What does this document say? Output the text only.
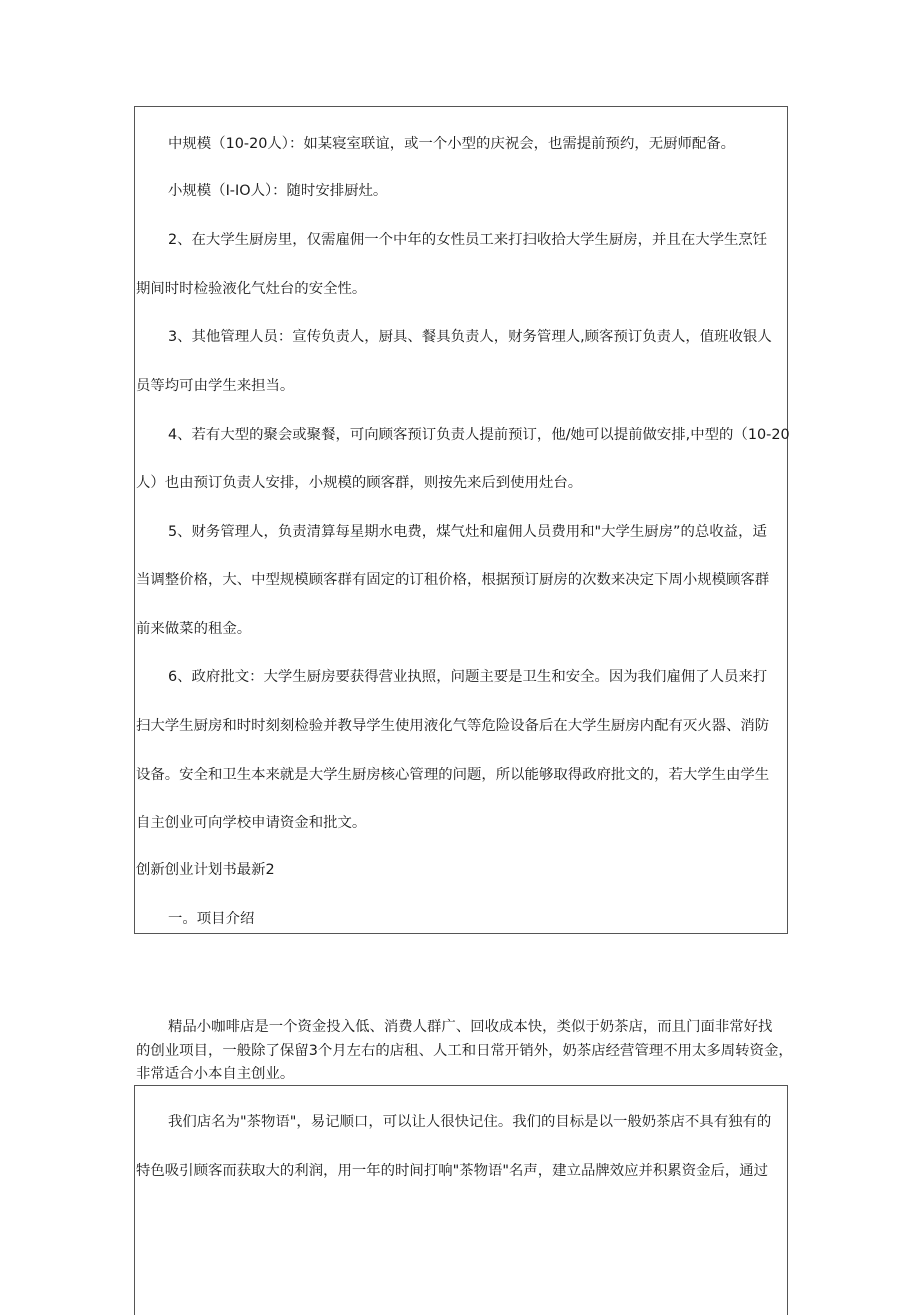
中规模（10-20人）：如某寝室联谊，或一个小型的庆祝会，也需提前预约，无厨师配备。
小规模（I-IO人）：随时安排厨灶。
2、在大学生厨房里，仅需雇佣一个中年的女性员工来打扫收拾大学生厨房，并且在大学生烹饪
期间时时检验液化气灶台的安全性。
3、其他管理人员：宣传负责人，厨具、餐具负责人，财务管理人,顾客预订负责人，值班收银人
员等均可由学生来担当。
4、若有大型的聚会或聚餐，可向顾客预订负责人提前预订，他/她可以提前做安排,中型的（10-20
人）也由预订负责人安排，小规模的顾客群，则按先来后到使用灶台。
5、财务管理人，负责清算每星期水电费，煤气灶和雇佣人员费用和"大学生厨房”的总收益，适
当调整价格，大、中型规模顾客群有固定的订租价格，根据预订厨房的次数来决定下周小规模顾客群
前来做菜的租金。
6、政府批文：大学生厨房要获得营业执照，问题主要是卫生和安全。因为我们雇佣了人员来打
扫大学生厨房和时时刻刻检验并教导学生使用液化气等危险设备后在大学生厨房内配有灭火器、消防
设备。安全和卫生本来就是大学生厨房核心管理的问题，所以能够取得政府批文的，若大学生由学生
自主创业可向学校申请资金和批文。
创新创业计划书最新2
一。项目介绍
精品小咖啡店是一个资金投入低、消费人群广、回收成本快，类似于奶茶店，而且门面非常好找
的创业项目，一般除了保留3个月左右的店租、人工和日常开销外，奶茶店经营管理不用太多周转资金，
非常适合小本自主创业。
我们店名为"茶物语"，易记顺口，可以让人很快记住。我们的目标是以一般奶茶店不具有独有的
特色吸引顾客而获取大的利润，用一年的时间打响"茶物语"名声，建立品牌效应并积累资金后，通过
